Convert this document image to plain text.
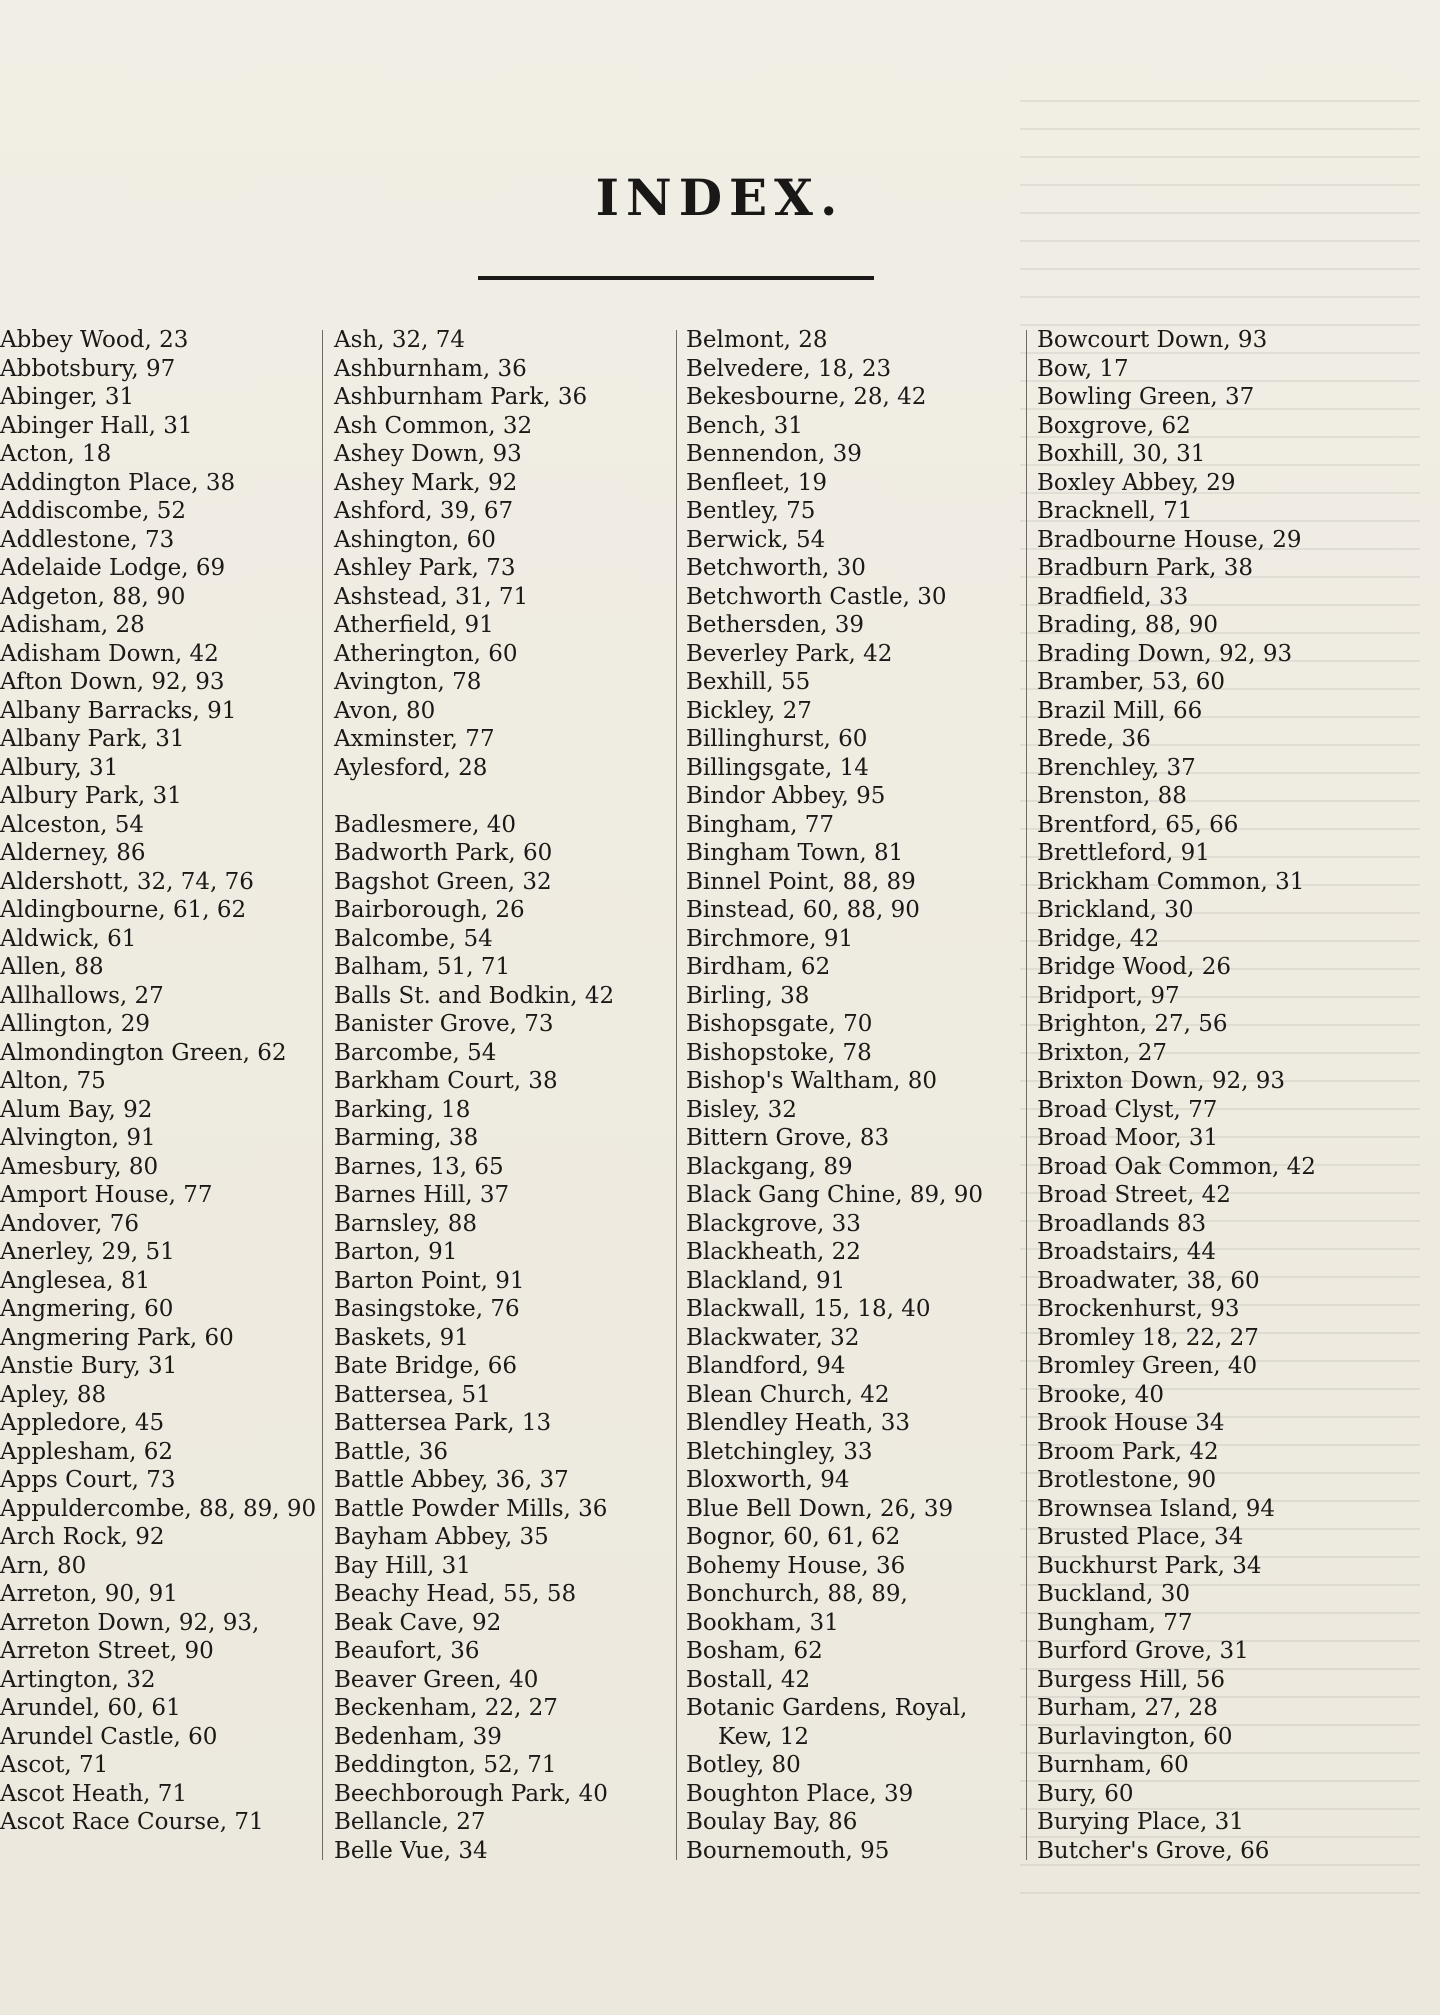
INDEX.

Abbey Wood, 23

Abbotsbury, 97

Abinger, 31

Abinger Hall, 31

Acton, 18

Addington Place, 38

Addiscombe, 52

Addlestone, 73

Adelaide Lodge, 69

Adgeton, 88, 90

Adisham, 28

Adisham Down, 42

Afton Down, 92, 93

Albany Barracks, 91

Albany Park, 31

Albury, 31

Albury Park, 31

Alceston, 54

Alderney, 86

Aldershott, 32, 74, 76

Aldingbourne, 61, 62

Aldwick, 61

Allen, 88

Allhallows, 27

Allington, 29

Almondington Green, 62

Alton, 75

Alum Bay, 92

Alvington, 91

Amesbury, 80

Amport House, 77

Andover, 76

Anerley, 29, 51

Anglesea, 81

Angmering, 60

Angmering Park, 60

Anstie Bury, 31

Apley, 88

Appledore, 45

Applesham, 62

Apps Court, 73

Appuldercombe, 88, 89, 90

Arch Rock, 92

Arn, 80

Arreton, 90, 91

Arreton Down, 92, 93,

Arreton Street, 90

Artington, 32

Arundel, 60, 61

Arundel Castle, 60

Ascot, 71

Ascot Heath, 71

Ascot Race Course, 71

Ash, 32, 74

Ashburnham, 36

Ashburnham Park, 36

Ash Common, 32

Ashey Down, 93

Ashey Mark, 92

Ashford, 39, 67

Ashington, 60

Ashley Park, 73

Ashstead, 31, 71

Atherfield, 91

Atherington, 60

Avington, 78

Avon, 80

Axminster, 77

Aylesford, 28

Badlesmere, 40

Badworth Park, 60

Bagshot Green, 32

Bairborough, 26

Balcombe, 54

Balham, 51, 71

Balls St. and Bodkin, 42

Banister Grove, 73

Barcombe, 54

Barkham Court, 38

Barking, 18

Barming, 38

Barnes, 13, 65

Barnes Hill, 37

Barnsley, 88

Barton, 91

Barton Point, 91

Basingstoke, 76

Baskets, 91

Bate Bridge, 66

Battersea, 51

Battersea Park, 13

Battle, 36

Battle Abbey, 36, 37

Battle Powder Mills, 36

Bayham Abbey, 35

Bay Hill, 31

Beachy Head, 55, 58

Beak Cave, 92

Beaufort, 36

Beaver Green, 40

Beckenham, 22, 27

Bedenham, 39

Beddington, 52, 71

Beechborough Park, 40

Bellancle, 27

Belle Vue, 34

Belmont, 28

Belvedere, 18, 23

Bekesbourne, 28, 42

Bench, 31

Bennendon, 39

Benfleet, 19

Bentley, 75

Berwick, 54

Betchworth, 30

Betchworth Castle, 30

Bethersden, 39

Beverley Park, 42

Bexhill, 55

Bickley, 27

Billinghurst, 60

Billingsgate, 14

Bindor Abbey, 95

Bingham, 77

Bingham Town, 81

Binnel Point, 88, 89

Binstead, 60, 88, 90

Birchmore, 91

Birdham, 62

Birling, 38

Bishopsgate, 70

Bishopstoke, 78

Bishop's Waltham, 80

Bisley, 32

Bittern Grove, 83

Blackgang, 89

Black Gang Chine, 89, 90

Blackgrove, 33

Blackheath, 22

Blackland, 91

Blackwall, 15, 18, 40

Blackwater, 32

Blandford, 94

Blean Church, 42

Blendley Heath, 33

Bletchingley, 33

Bloxworth, 94

Blue Bell Down, 26, 39

Bognor, 60, 61, 62

Bohemy House, 36

Bonchurch, 88, 89,

Bookham, 31

Bosham, 62

Bostall, 42

Botanic Gardens, Royal, Kew, 12

Botley, 80

Boughton Place, 39

Boulay Bay, 86

Bournemouth, 95

Bowcourt Down, 93

Bow, 17

Bowling Green, 37

Boxgrove, 62

Boxhill, 30, 31

Boxley Abbey, 29

Bracknell, 71

Bradbourne House, 29

Bradburn Park, 38

Bradfield, 33

Brading, 88, 90

Brading Down, 92, 93

Bramber, 53, 60

Brazil Mill, 66

Brede, 36

Brenchley, 37

Brenston, 88

Brentford, 65, 66

Brettleford, 91

Brickham Common, 31

Brickland, 30

Bridge, 42

Bridge Wood, 26

Bridport, 97

Brighton, 27, 56

Brixton, 27

Brixton Down, 92, 93

Broad Clyst, 77

Broad Moor, 31

Broad Oak Common, 42

Broad Street, 42

Broadlands 83

Broadstairs, 44

Broadwater, 38, 60

Brockenhurst, 93

Bromley 18, 22, 27

Bromley Green, 40

Brooke, 40

Brook House 34

Broom Park, 42

Brotlestone, 90

Brownsea Island, 94

Brusted Place, 34

Buckhurst Park, 34

Buckland, 30

Bungham, 77

Burford Grove, 31

Burgess Hill, 56

Burham, 27, 28

Burlavington, 60

Burnham, 60

Bury, 60

Burying Place, 31

Butcher's Grove, 66
